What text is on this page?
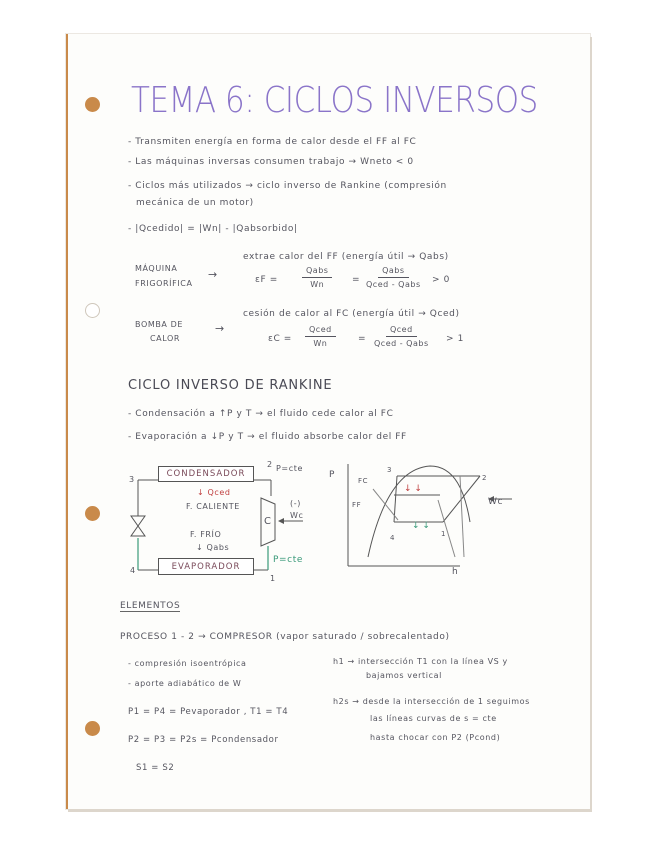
TEMA 6: CICLOS INVERSOS
- Transmiten energía en forma de calor desde el FF al FC
- Las máquinas inversas consumen trabajo → Wneto < 0
- Ciclos más utilizados → ciclo inverso de Rankine (compresión
mecánica de un motor)
- |Qcedido| = |Wn| - |Qabsorbido|
extrae calor del FF (energía útil → Qabs)
MÁQUINA
FRIGORÍFICA
→	εF =
Qabs
Wn	=
Qabs
Qced - Qabs > 0
cesión de calor al FC (energía útil → Qced)
BOMBA DE
CALOR
→
εC =
Qced
Wn	=
Qced
Qced - Qabs > 1
CICLO INVERSO DE RANKINE
- Condensación a ↑P y T → el fluido cede calor al FC
- Evaporación a ↓P y T → el fluido absorbe calor del FF
CONDENSADOR
EVAPORADOR
↓ Qced
F. CALIENTE
F. FRÍO
↓ Qabs
P=cte
P=cte
C
(-) Wc
2
3
4
1
↓ ↓
↓ ↓
P
h
FC
FF	Wc
3
2
4	1
ELEMENTOS
PROCESO 1 - 2 → COMPRESOR (vapor saturado / sobrecalentado)
- compresión isoentrópica
- aporte adiabático de W
h1 → intersección T1 con la línea VS y
bajamos vertical
h2s → desde la intersección de 1 seguimos
las líneas curvas de s = cte
hasta chocar con P2 (Pcond)
P1 = P4 = Pevaporador , T1 = T4
P2 = P3 = P2s = Pcondensador
S1 = S2
